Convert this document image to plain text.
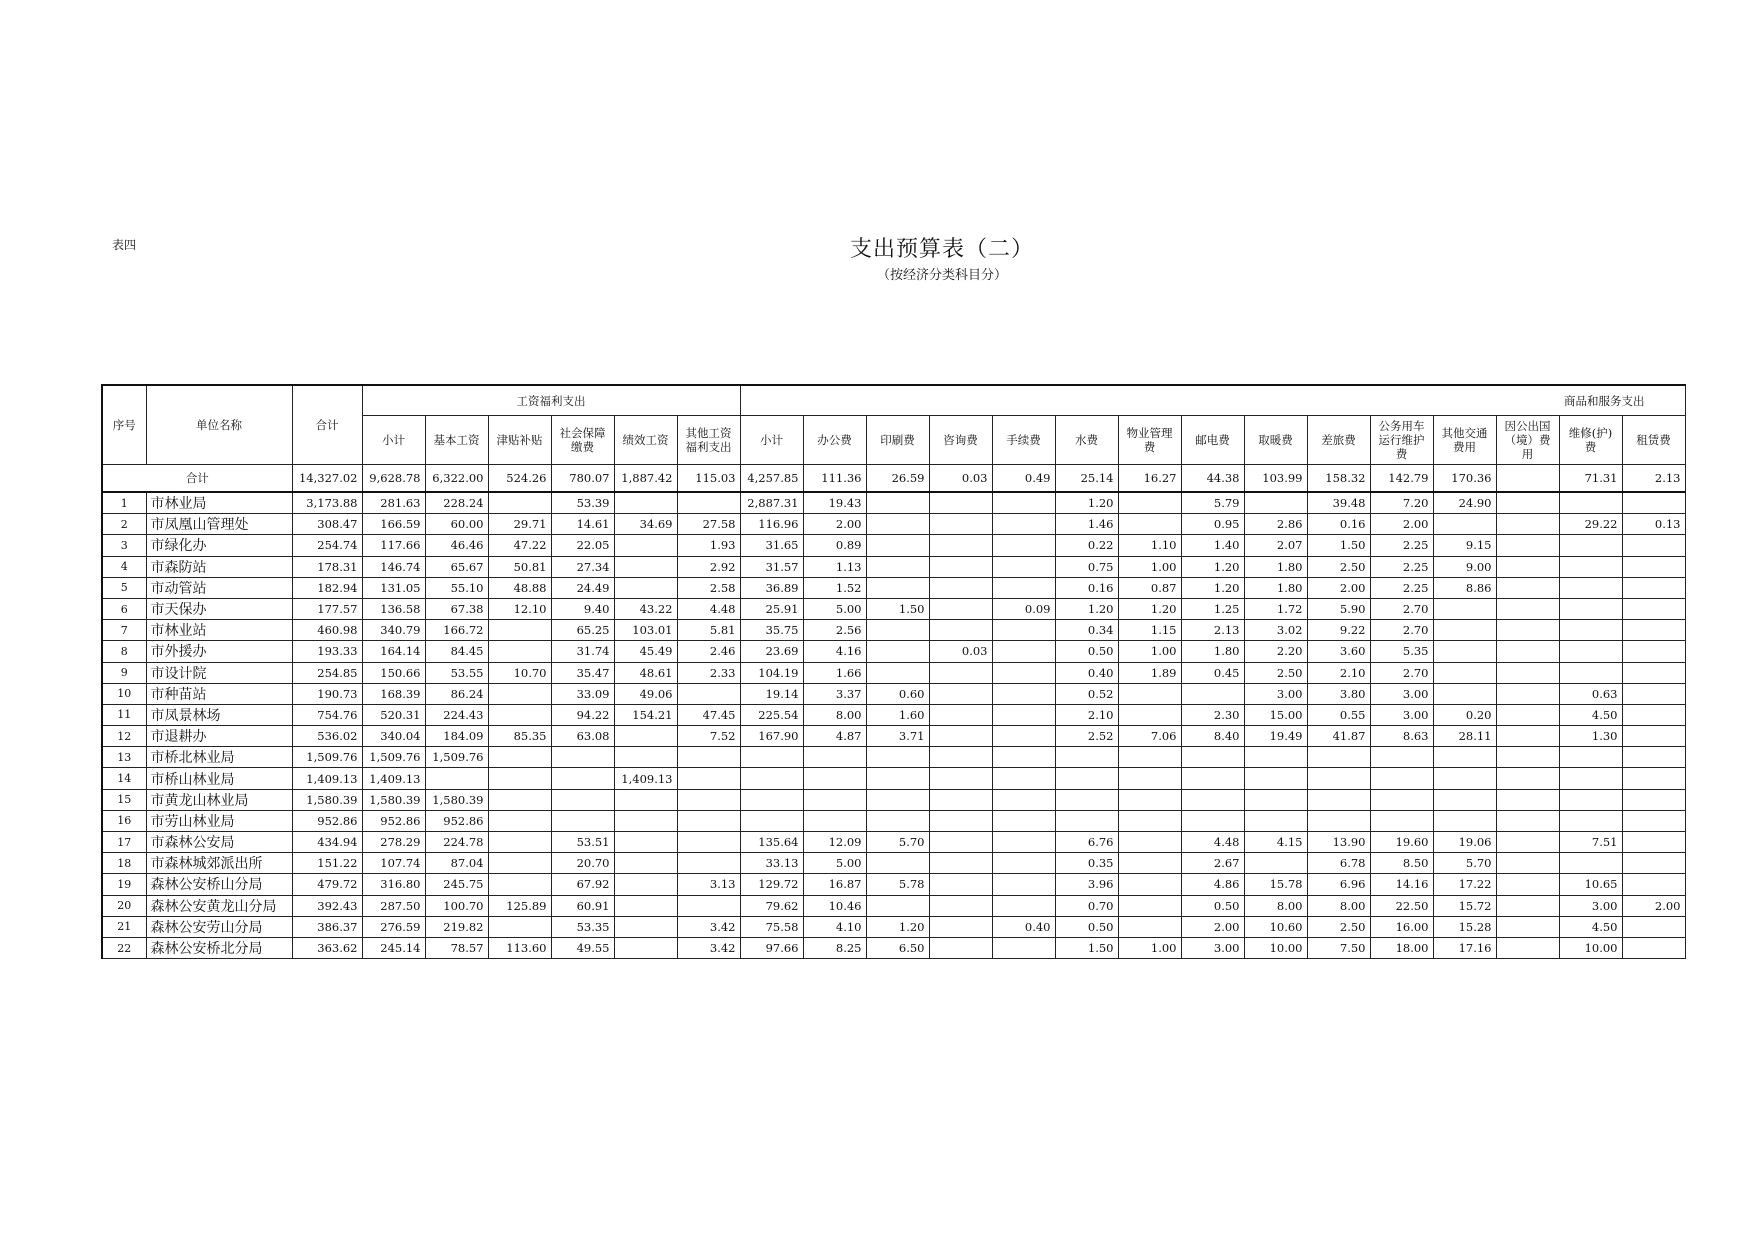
表四	支出预算表（二）
（按经济分类科目分）
序号	单位名称	合计	工资福利支出						商品和服务支出														
			小计	基本工资	津贴补贴	社会保障缴费	绩效工资	其他工资福利支出	小计	办公费	印刷费	咨询费	手续费	水费	物业管理费	邮电费	取暖费	差旅费	公务用车运行维护费	其他交通费用	因公出国（境）费用	维修(护)费	租赁费
合计		14,327.02	9,628.78	6,322.00	524.26	780.07	1,887.42	115.03	4,257.85	111.36	26.59	0.03	0.49	25.14	16.27	44.38	103.99	158.32	142.79	170.36		71.31	2.13
1	市林业局	3,173.88	281.63	228.24		53.39			2,887.31	19.43				1.20		5.79		39.48	7.20	24.90			
2	市凤凰山管理处	308.47	166.59	60.00	29.71	14.61	34.69	27.58	116.96	2.00				1.46		0.95	2.86	0.16	2.00			29.22	0.13
3	市绿化办	254.74	117.66	46.46	47.22	22.05		1.93	31.65	0.89				0.22	1.10	1.40	2.07	1.50	2.25	9.15			
4	市森防站	178.31	146.74	65.67	50.81	27.34		2.92	31.57	1.13				0.75	1.00	1.20	1.80	2.50	2.25	9.00			
5	市动管站	182.94	131.05	55.10	48.88	24.49		2.58	36.89	1.52				0.16	0.87	1.20	1.80	2.00	2.25	8.86			
6	市天保办	177.57	136.58	67.38	12.10	9.40	43.22	4.48	25.91	5.00	1.50		0.09	1.20	1.20	1.25	1.72	5.90	2.70				
7	市林业站	460.98	340.79	166.72		65.25	103.01	5.81	35.75	2.56				0.34	1.15	2.13	3.02	9.22	2.70				
8	市外援办	193.33	164.14	84.45		31.74	45.49	2.46	23.69	4.16		0.03		0.50	1.00	1.80	2.20	3.60	5.35				
9	市设计院	254.85	150.66	53.55	10.70	35.47	48.61	2.33	104.19	1.66				0.40	1.89	0.45	2.50	2.10	2.70				
10	市种苗站	190.73	168.39	86.24		33.09	49.06		19.14	3.37	0.60			0.52			3.00	3.80	3.00			0.63	
11	市凤景林场	754.76	520.31	224.43		94.22	154.21	47.45	225.54	8.00	1.60			2.10		2.30	15.00	0.55	3.00	0.20		4.50	
12	市退耕办	536.02	340.04	184.09	85.35	63.08		7.52	167.90	4.87	3.71			2.52	7.06	8.40	19.49	41.87	8.63	28.11		1.30	
13	市桥北林业局	1,509.76	1,509.76	1,509.76																			
14	市桥山林业局	1,409.13	1,409.13				1,409.13																
15	市黄龙山林业局	1,580.39	1,580.39	1,580.39																			
16	市劳山林业局	952.86	952.86	952.86																			
17	市森林公安局	434.94	278.29	224.78		53.51			135.64	12.09	5.70			6.76		4.48	4.15	13.90	19.60	19.06		7.51	
18	市森林城郊派出所	151.22	107.74	87.04		20.70			33.13	5.00				0.35		2.67		6.78	8.50	5.70			
19	森林公安桥山分局	479.72	316.80	245.75		67.92		3.13	129.72	16.87	5.78			3.96		4.86	15.78	6.96	14.16	17.22		10.65	
20	森林公安黄龙山分局	392.43	287.50	100.70	125.89	60.91			79.62	10.46				0.70		0.50	8.00	8.00	22.50	15.72		3.00	2.00
21	森林公安劳山分局	386.37	276.59	219.82		53.35		3.42	75.58	4.10	1.20		0.40	0.50		2.00	10.60	2.50	16.00	15.28		4.50	
22	森林公安桥北分局	363.62	245.14	78.57	113.60	49.55		3.42	97.66	8.25	6.50			1.50	1.00	3.00	10.00	7.50	18.00	17.16		10.00	
